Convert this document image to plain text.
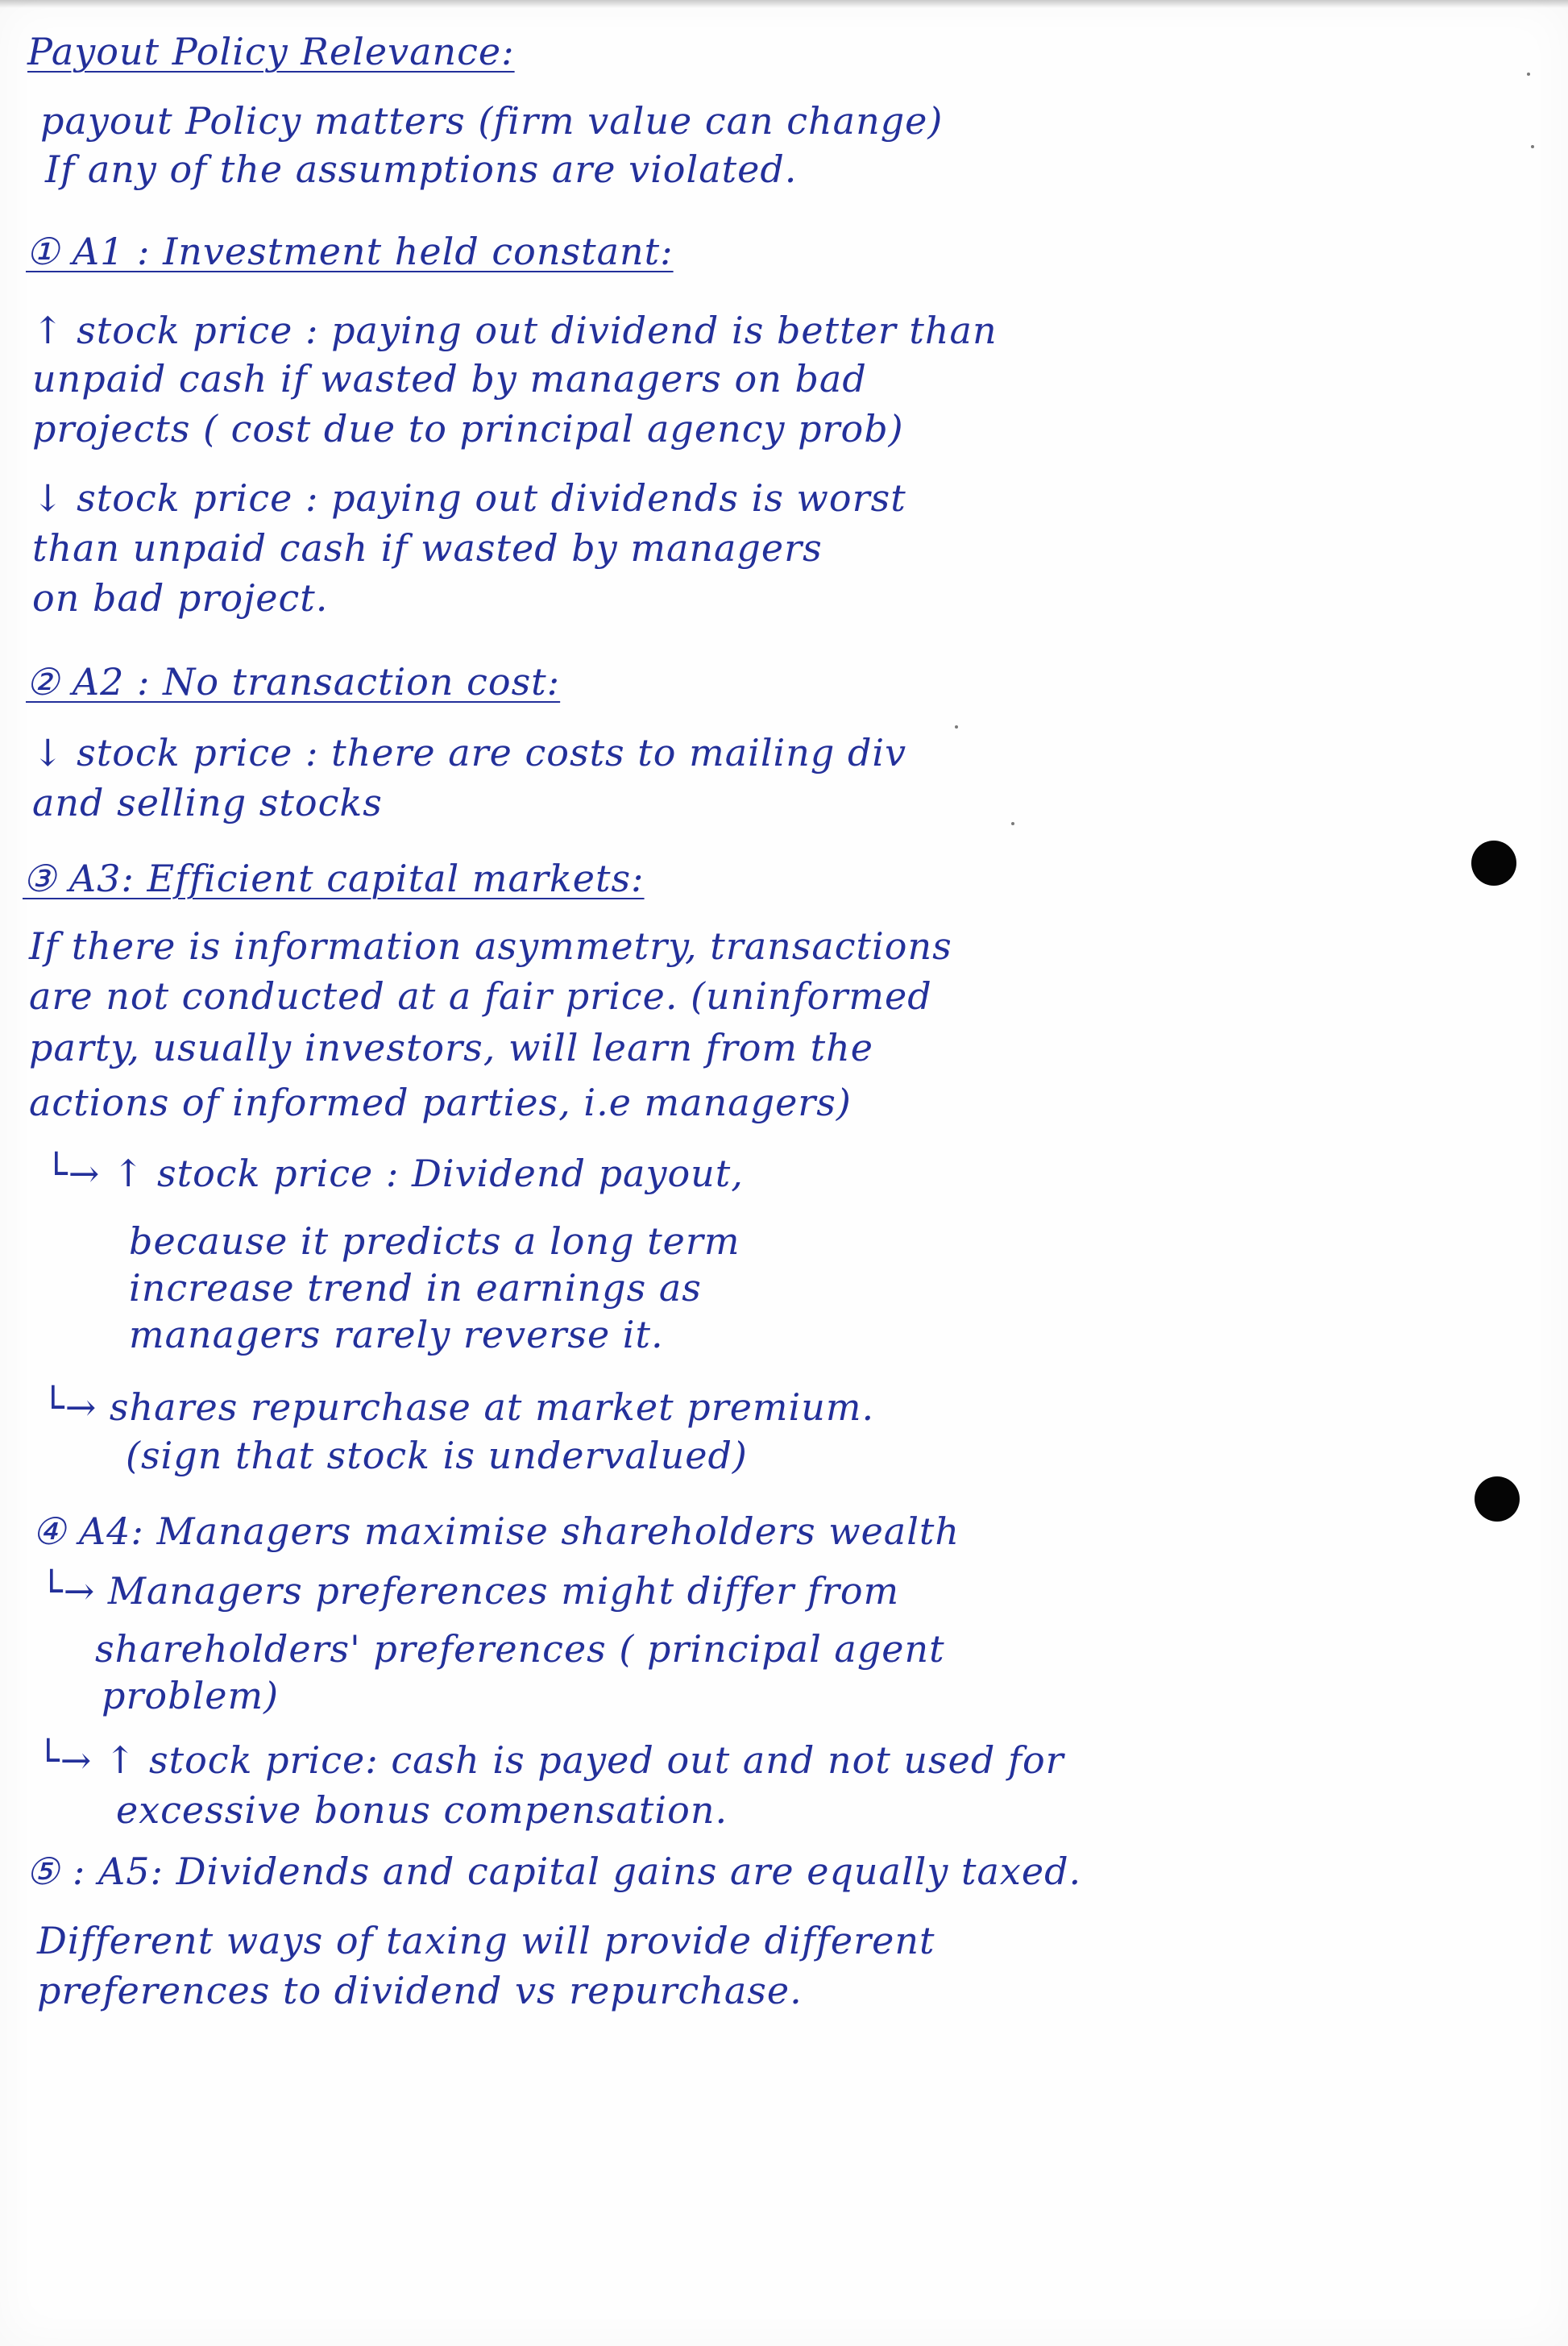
Payout Policy Relevance:
payout Policy matters (firm value can change)
If any of the assumptions are violated.
① A1 : Investment held constant:
↑ stock price : paying out dividend is better than
unpaid cash if wasted by managers on bad
projects ( cost due to principal agency prob)
↓ stock price : paying out dividends is worst
than unpaid cash if wasted by managers
on bad project.
② A2 : No transaction cost:
↓ stock price : there are costs to mailing div
and selling stocks
③ A3: Efficient capital markets:
If there is information asymmetry, transactions
are not conducted at a fair price. (uninformed
party, usually investors, will learn from the
actions of informed parties, i.e managers)
└→ ↑ stock price : Dividend payout,
because it predicts a long term
increase trend in earnings as
managers rarely reverse it.
└→ shares repurchase at market premium.
(sign that stock is undervalued)
④ A4: Managers maximise shareholders wealth
└→ Managers preferences might differ from
shareholders' preferences ( principal agent
problem)
└→ ↑ stock price: cash is payed out and not used for
excessive bonus compensation.
⑤ : A5: Dividends and capital gains are equally taxed.
Different ways of taxing will provide different
preferences to dividend vs repurchase.
